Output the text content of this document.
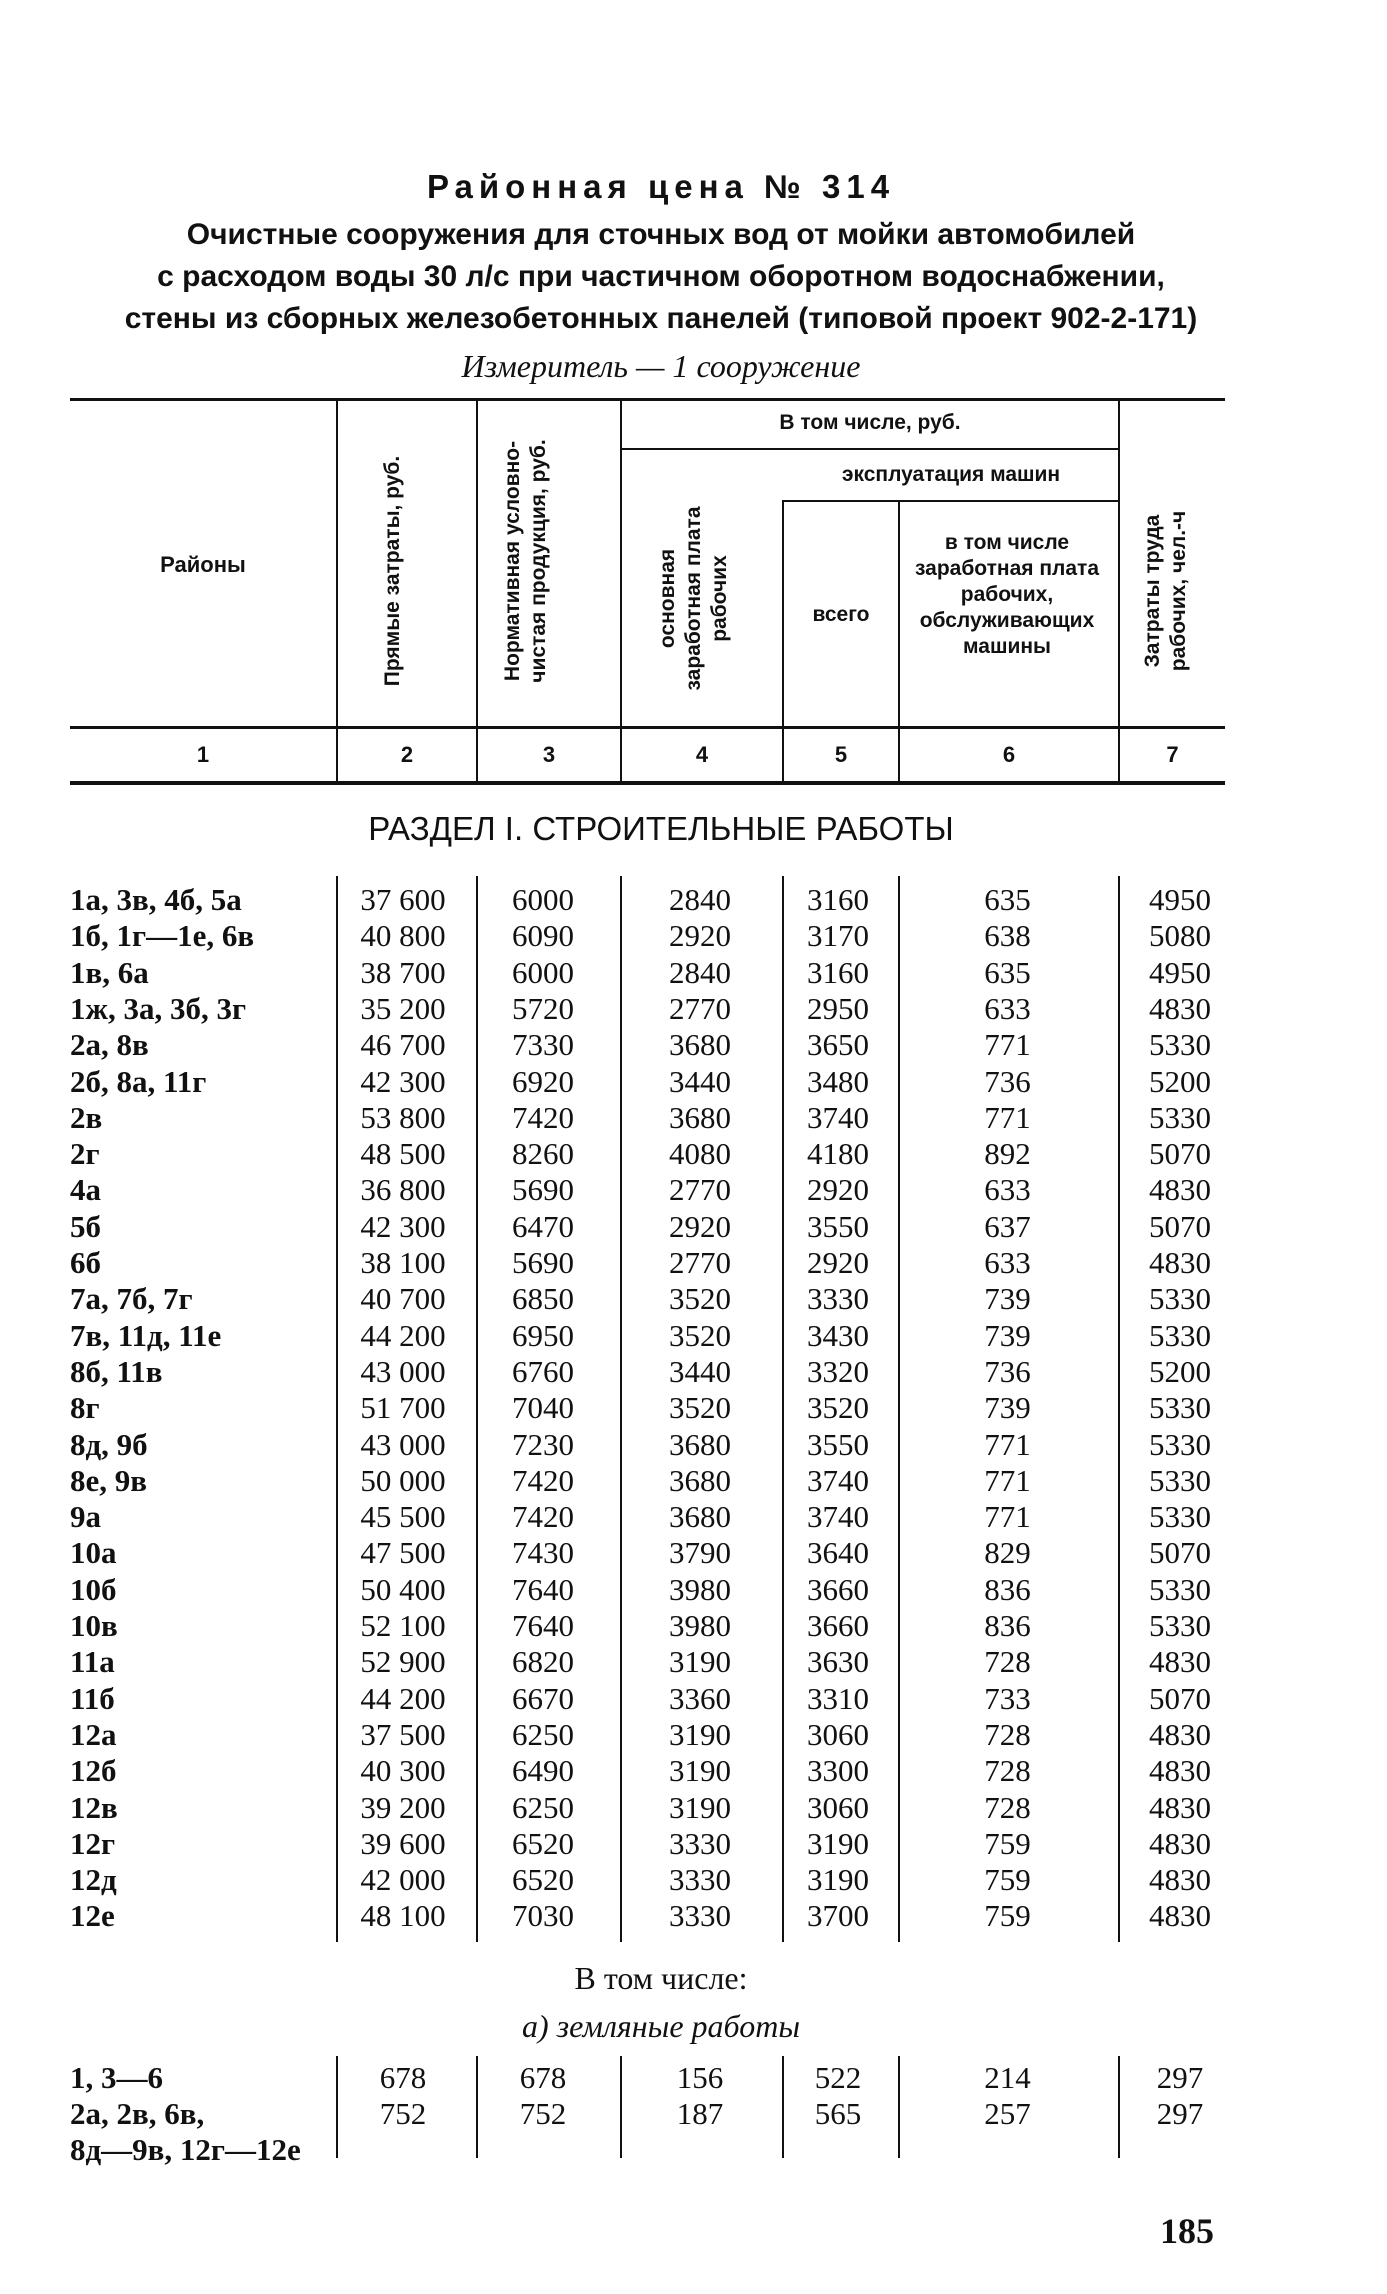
Районная цена № 314
Очистные сооружения для сточных вод от мойки автомобилей
с расходом воды 30 л/с при частичном оборотном водоснабжении,
стены из сборных железобетонных панелей (типовой проект 902-2-171)
Измеритель — 1 сооружение
Районы	Прямые затраты, руб.	Нормативная условно-чистая продукция, руб.
В том числе, руб.
основная заработная плата рабочих
эксплуатация машин
всего
в том числе заработная плата рабочих, обслуживающих машины	Затраты труда рабочих, чел.-ч
1	2	3	4	5	6	7
РАЗДЕЛ I. СТРОИТЕЛЬНЫЕ РАБОТЫ
1а, 3в, 4б, 5а	37 600	6000	2840	3160	635	4950
1б, 1г—1е, 6в	40 800	6090	2920	3170	638	5080
1в, 6а	38 700	6000	2840	3160	635	4950
1ж, 3а, 3б, 3г	35 200	5720	2770	2950	633	4830
2а, 8в	46 700	7330	3680	3650	771	5330
2б, 8а, 11г	42 300	6920	3440	3480	736	5200
2в	53 800	7420	3680	3740	771	5330
2г	48 500	8260	4080	4180	892	5070
4а	36 800	5690	2770	2920	633	4830
5б	42 300	6470	2920	3550	637	5070
6б	38 100	5690	2770	2920	633	4830
7а, 7б, 7г	40 700	6850	3520	3330	739	5330
7в, 11д, 11е	44 200	6950	3520	3430	739	5330
8б, 11в	43 000	6760	3440	3320	736	5200
8г	51 700	7040	3520	3520	739	5330
8д, 9б	43 000	7230	3680	3550	771	5330
8е, 9в	50 000	7420	3680	3740	771	5330
9а	45 500	7420	3680	3740	771	5330
10а	47 500	7430	3790	3640	829	5070
10б	50 400	7640	3980	3660	836	5330
10в	52 100	7640	3980	3660	836	5330
11а	52 900	6820	3190	3630	728	4830
11б	44 200	6670	3360	3310	733	5070
12а	37 500	6250	3190	3060	728	4830
12б	40 300	6490	3190	3300	728	4830
12в	39 200	6250	3190	3060	728	4830
12г	39 600	6520	3330	3190	759	4830
12д	42 000	6520	3330	3190	759	4830
12е	48 100	7030	3330	3700	759	4830
В том числе:
а) земляные работы
1, 3—6	678	678	156	522	214	297
2а, 2в, 6в,	752	752	187	565	257	297
8д—9в, 12г—12е
185
